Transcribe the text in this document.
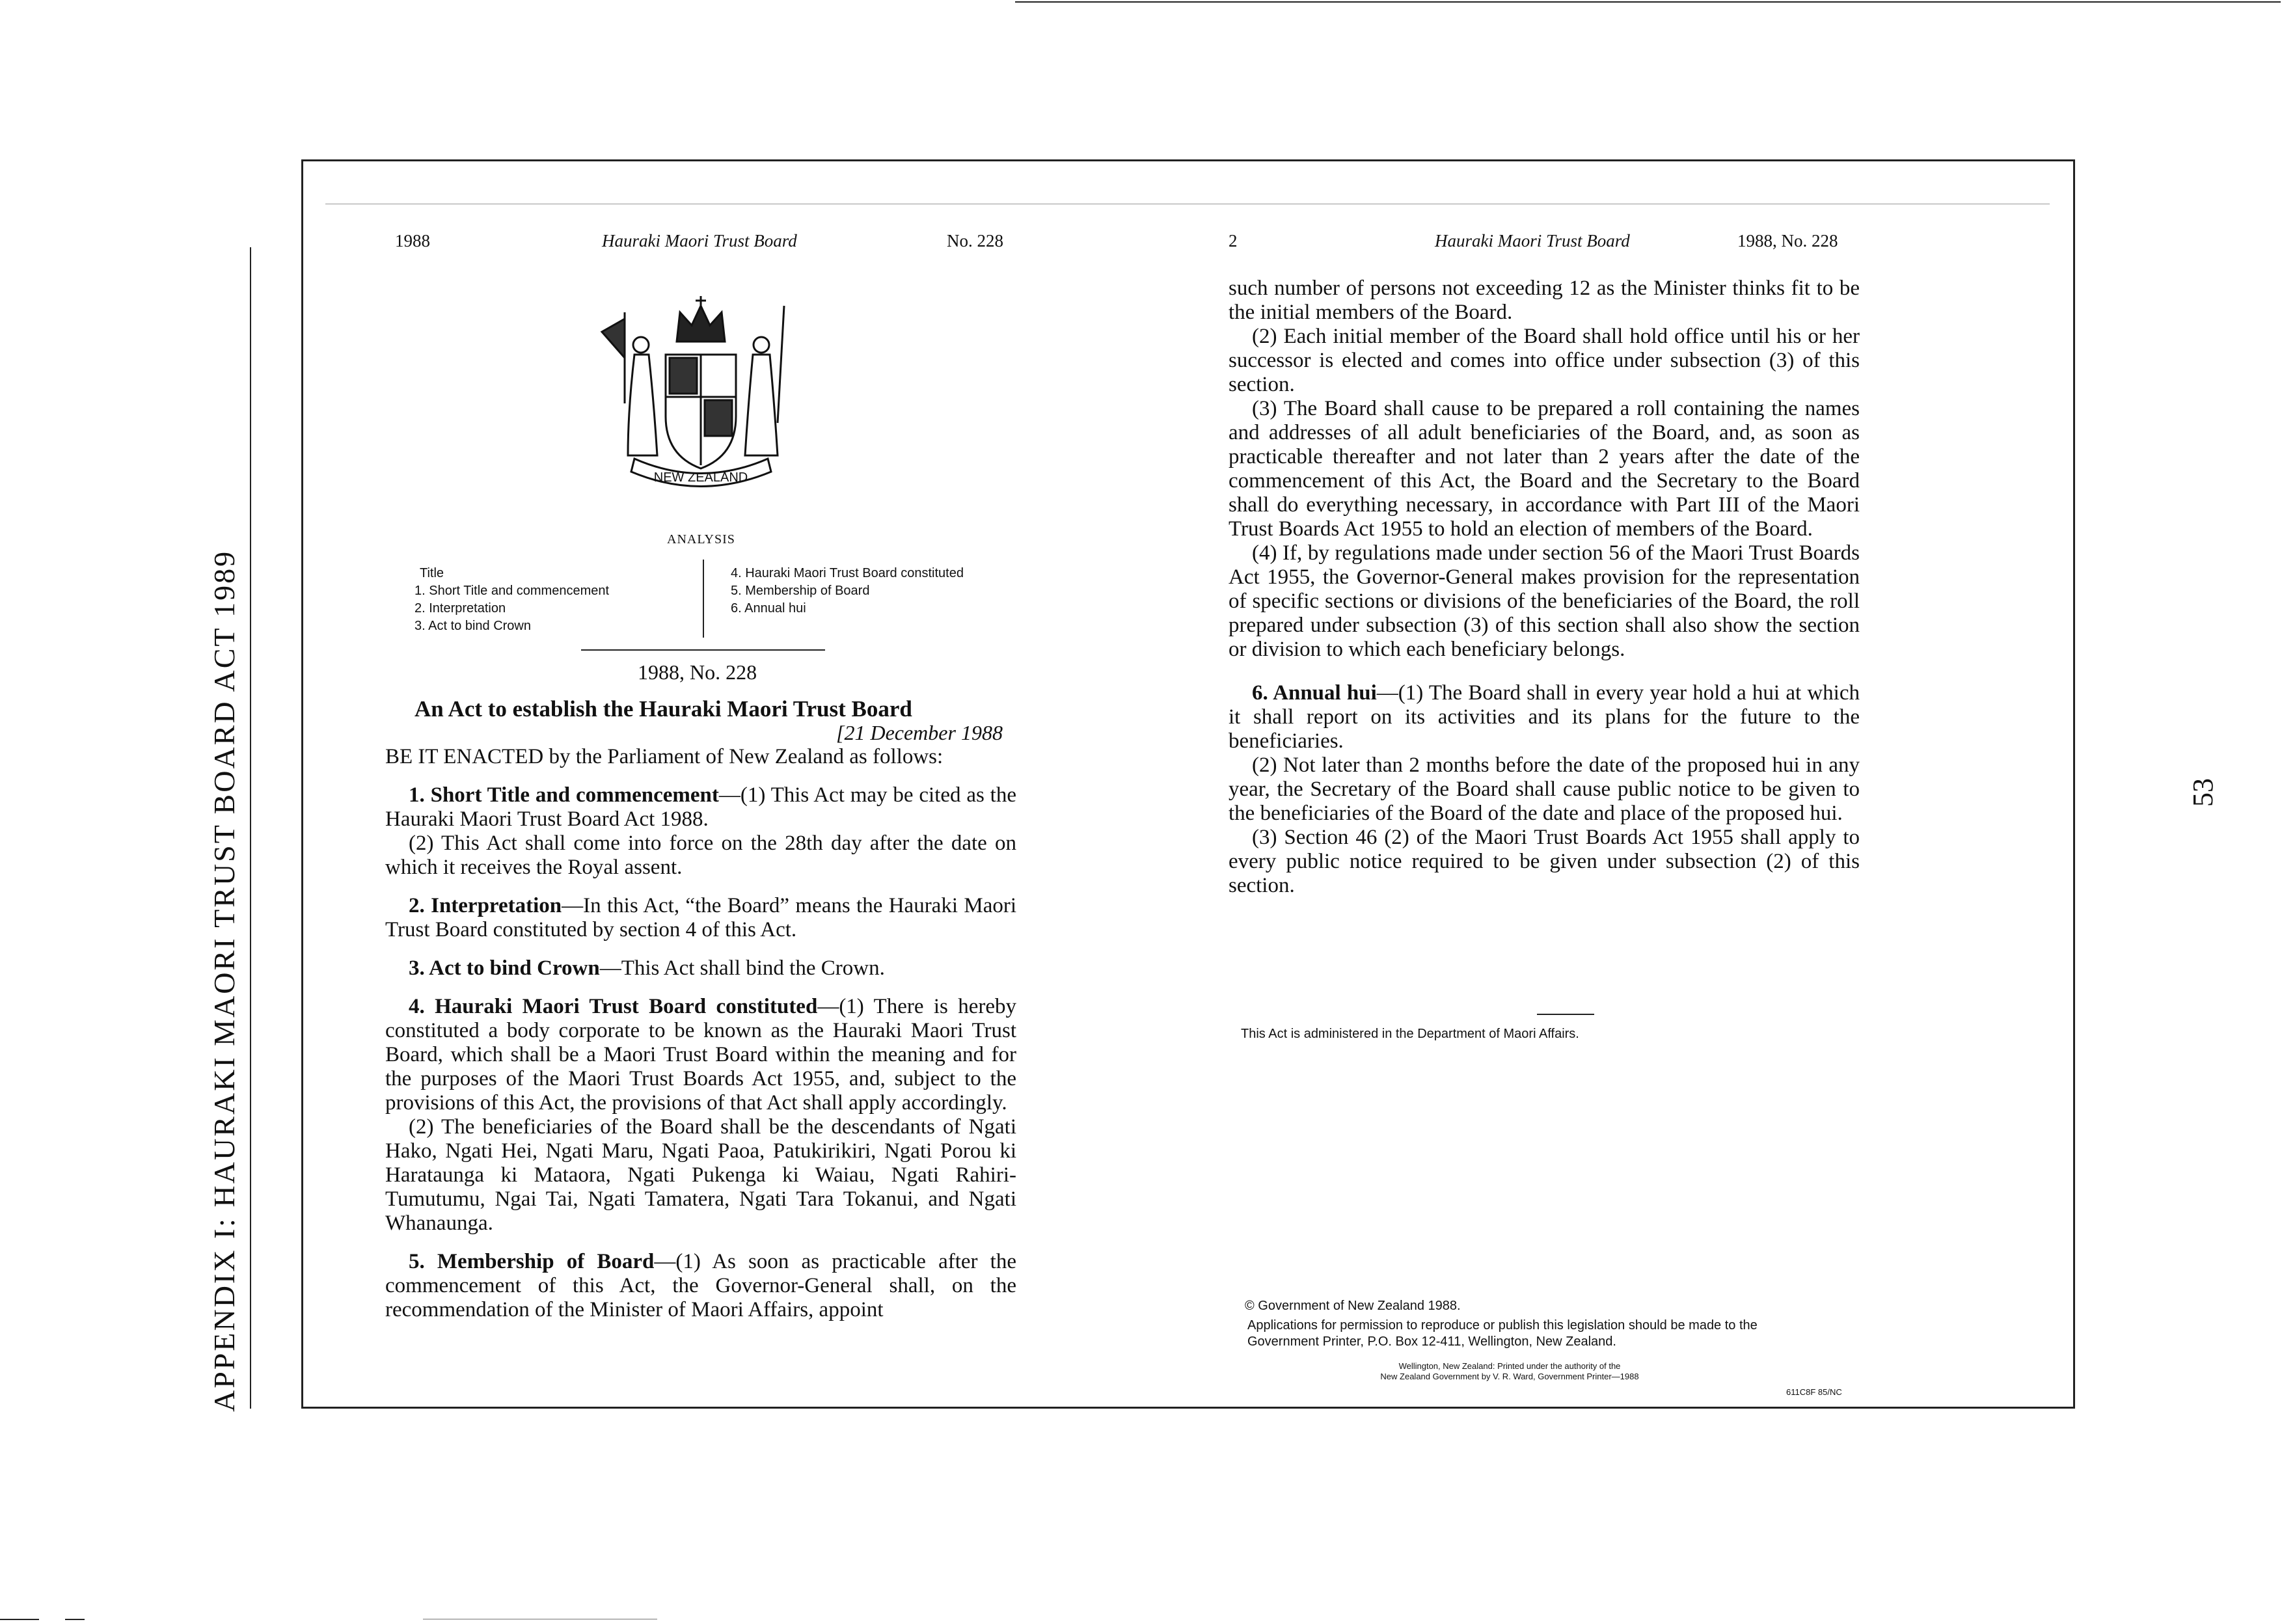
APPENDIX I: HAURAKI MAORI TRUST BOARD ACT 1989	53
1988	Hauraki Maori Trust Board	No. 228
NEW ZEALAND
ANALYSIS
Title
1. Short Title and commencement
2. Interpretation
3. Act to bind Crown
4. Hauraki Maori Trust Board constituted
5. Membership of Board
6. Annual hui
1988, No. 228
An Act to establish the Hauraki Maori Trust Board
[21 December 1988

BE IT ENACTED by the Parliament of New Zealand as follows:

1. Short Title and commencement—(1) This Act may be cited as the Hauraki Maori Trust Board Act 1988.

(2) This Act shall come into force on the 28th day after the date on which it receives the Royal assent.

2. Interpretation—In this Act, “the Board” means the Hauraki Maori Trust Board constituted by section 4 of this Act.

3. Act to bind Crown—This Act shall bind the Crown.

4. Hauraki Maori Trust Board constituted—(1) There is hereby constituted a body corporate to be known as the Hauraki Maori Trust Board, which shall be a Maori Trust Board within the meaning and for the purposes of the Maori Trust Boards Act 1955, and, subject to the provisions of this Act, the provisions of that Act shall apply accordingly.

(2) The beneficiaries of the Board shall be the descendants of Ngati Hako, Ngati Hei, Ngati Maru, Ngati Paoa, Patukirikiri, Ngati Porou ki Harataunga ki Mataora, Ngati Pukenga ki Waiau, Ngati Rahiri-Tumutumu, Ngai Tai, Ngati Tamatera, Ngati Tara Tokanui, and Ngati Whanaunga.

5. Membership of Board—(1) As soon as practicable after the commencement of this Act, the Governor-General shall, on the recommendation of the Minister of Maori Affairs, appoint

2	Hauraki Maori Trust Board	1988, No. 228

such number of persons not exceeding 12 as the Minister thinks fit to be the initial members of the Board.

(2) Each initial member of the Board shall hold office until his or her successor is elected and comes into office under subsection (3) of this section.

(3) The Board shall cause to be prepared a roll containing the names and addresses of all adult beneficiaries of the Board, and, as soon as practicable thereafter and not later than 2 years after the date of the commencement of this Act, the Board and the Secretary to the Board shall do everything necessary, in accordance with Part III of the Maori Trust Boards Act 1955 to hold an election of members of the Board.

(4) If, by regulations made under section 56 of the Maori Trust Boards Act 1955, the Governor-General makes provision for the representation of specific sections or divisions of the beneficiaries of the Board, the roll prepared under subsection (3) of this section shall also show the section or division to which each beneficiary belongs.

6. Annual hui—(1) The Board shall in every year hold a hui at which it shall report on its activities and its plans for the future to the beneficiaries.

(2) Not later than 2 months before the date of the proposed hui in any year, the Secretary of the Board shall cause public notice to be given to the beneficiaries of the Board of the date and place of the proposed hui.

(3) Section 46 (2) of the Maori Trust Boards Act 1955 shall apply to every public notice required to be given under subsection (2) of this section.

This Act is administered in the Department of Maori Affairs.
© Government of New Zealand 1988.
Applications for permission to reproduce or publish this legislation should be made to the
Government Printer, P.O. Box 12-411, Wellington, New Zealand.
Wellington, New Zealand: Printed under the authority of the
New Zealand Government by V. R. Ward, Government Printer—1988
611C8F 85/NC
